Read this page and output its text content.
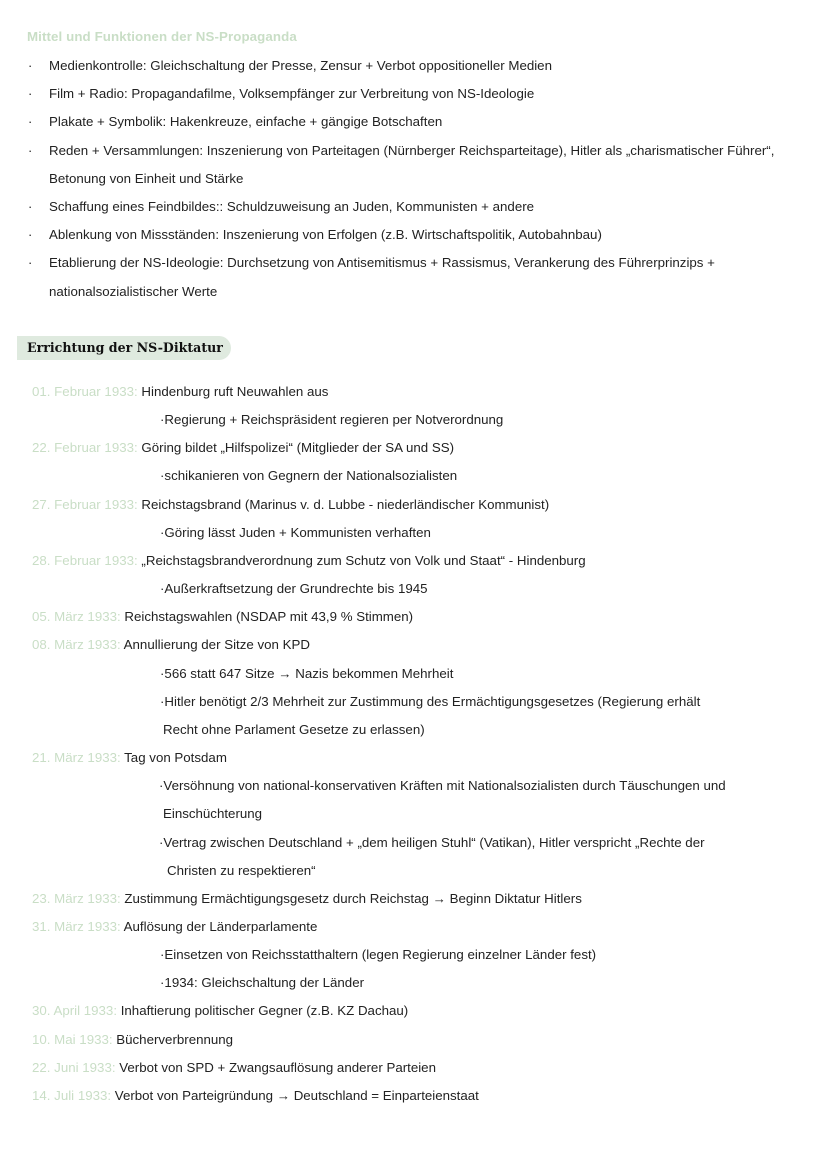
Mittel und Funktionen der NS-Propaganda
· Medienkontrolle: Gleichschaltung der Presse, Zensur + Verbot oppositioneller Medien
· Film + Radio: Propagandafilme, Volksempfänger zur Verbreitung von NS-Ideologie
· Plakate + Symbolik: Hakenkreuze, einfache + gängige Botschaften
· Reden + Versammlungen: Inszenierung von Parteitagen (Nürnberger Reichsparteitage), Hitler als „charismatischer Führer“, Betonung von Einheit und Stärke
· Schaffung eines Feindbildes:: Schuldzuweisung an Juden, Kommunisten + andere
· Ablenkung von Missständen: Inszenierung von Erfolgen (z.B. Wirtschaftspolitik, Autobahnbau)
· Etablierung der NS-Ideologie: Durchsetzung von Antisemitismus + Rassismus, Verankerung des Führerprinzips + nationalsozialistischer Werte
Errichtung der NS-Diktatur
01. Februar 1933: Hindenburg ruft Neuwahlen aus
·Regierung + Reichspräsident regieren per Notverordnung
22. Februar 1933: Göring bildet „Hilfspolizei“ (Mitglieder der SA und SS)
·schikanieren von Gegnern der Nationalsozialisten
27. Februar 1933: Reichstagsbrand (Marinus v. d. Lubbe - niederländischer Kommunist)
·Göring lässt Juden + Kommunisten verhaften
28. Februar 1933: „Reichstagsbrandverordnung zum Schutz von Volk und Staat“ - Hindenburg
·Außerkraftsetzung der Grundrechte bis 1945
05. März 1933: Reichstagswahlen (NSDAP mit 43,9 % Stimmen)
08. März 1933: Annullierung der Sitze von KPD
·566 statt 647 Sitze → Nazis bekommen Mehrheit
·Hitler benötigt 2/3 Mehrheit zur Zustimmung des Ermächtigungsgesetzes (Regierung erhält
Recht ohne Parlament Gesetze zu erlassen)
21. März 1933: Tag von Potsdam
·Versöhnung von national-konservativen Kräften mit Nationalsozialisten durch Täuschungen und
Einschüchterung
·Vertrag zwischen Deutschland + „dem heiligen Stuhl“ (Vatikan), Hitler verspricht „Rechte der
Christen zu respektieren“
23. März 1933: Zustimmung Ermächtigungsgesetz durch Reichstag → Beginn Diktatur Hitlers
31. März 1933: Auflösung der Länderparlamente
·Einsetzen von Reichsstatthaltern (legen Regierung einzelner Länder fest)
·1934: Gleichschaltung der Länder
30. April 1933: Inhaftierung politischer Gegner (z.B. KZ Dachau)
10. Mai 1933: Bücherverbrennung
22. Juni 1933: Verbot von SPD + Zwangsauflösung anderer Parteien
14. Juli 1933: Verbot von Parteigründung → Deutschland = Einparteienstaat
